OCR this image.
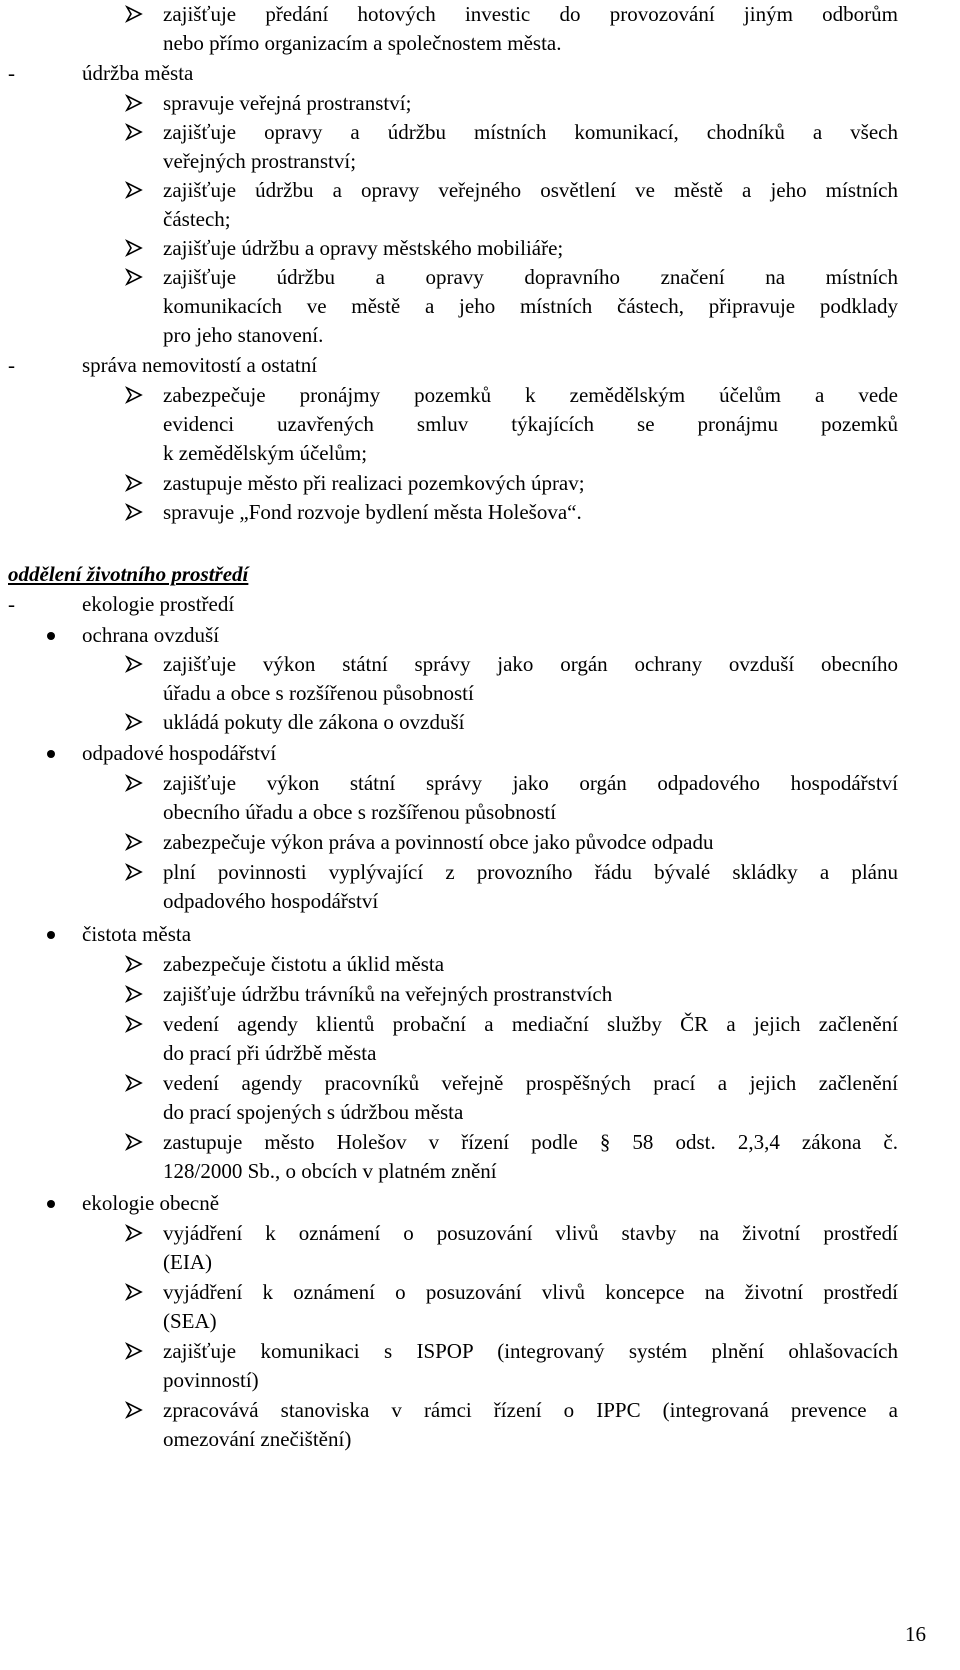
zajišťuje předání hotových investic do provozování jiným odborům
nebo přímo organizacím a společnostem města.
-	údržba města
spravuje veřejná prostranství;
zajišťuje opravy a údržbu místních komunikací, chodníků a všech
veřejných prostranství;
zajišťuje údržbu a opravy veřejného osvětlení ve městě a jeho místních
částech;
zajišťuje údržbu a opravy městského mobiliáře;
zajišťuje údržbu a opravy dopravního značení na místních
komunikacích ve městě a jeho místních částech, připravuje podklady
pro jeho stanovení.
-	správa nemovitostí a ostatní
zabezpečuje pronájmy pozemků k zemědělským účelům a vede
evidenci uzavřených smluv týkajících se pronájmu pozemků
k zemědělským účelům;
zastupuje město při realizaci pozemkových úprav;
spravuje „Fond rozvoje bydlení města Holešova“.
oddělení životního prostředí
-	ekologie prostředí
ochrana ovzduší
zajišťuje výkon státní správy jako orgán ochrany ovzduší obecního
úřadu a obce s rozšířenou působností
ukládá pokuty dle zákona o ovzduší
odpadové hospodářství
zajišťuje výkon státní správy jako orgán odpadového hospodářství
obecního úřadu a obce s rozšířenou působností
zabezpečuje výkon práva a povinností obce jako původce odpadu
plní povinnosti vyplývající z provozního řádu bývalé skládky a plánu
odpadového hospodářství
čistota města
zabezpečuje čistotu a úklid města
zajišťuje údržbu trávníků na veřejných prostranstvích
vedení agendy klientů probační a mediační služby ČR a jejich začlenění
do prací při údržbě města
vedení agendy pracovníků veřejně prospěšných prací a jejich začlenění
do prací spojených s údržbou města
zastupuje město Holešov v řízení podle § 58 odst. 2,3,4 zákona č.
128/2000 Sb., o obcích v platném znění
ekologie obecně
vyjádření k oznámení o posuzování vlivů stavby na životní prostředí
(EIA)
vyjádření k oznámení o posuzování vlivů koncepce na životní prostředí
(SEA)
zajišťuje komunikaci s ISPOP (integrovaný systém plnění ohlašovacích
povinností)
zpracovává stanoviska v rámci řízení o IPPC (integrovaná prevence a
omezování znečištění)
16
